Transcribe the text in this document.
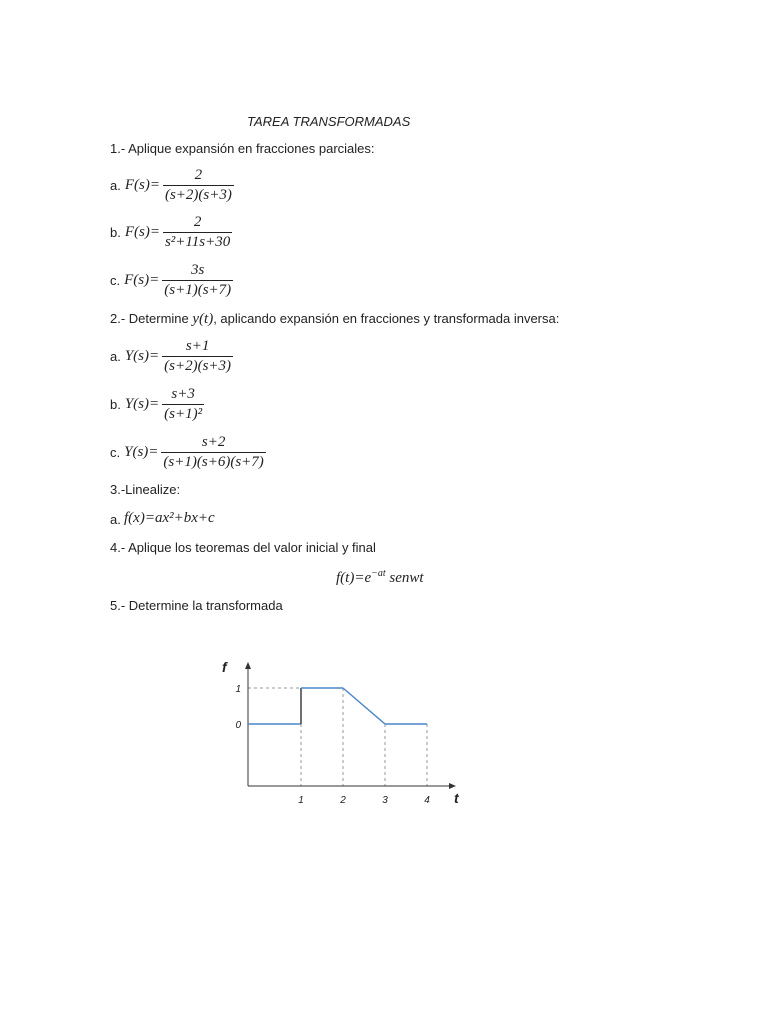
TAREA TRANSFORMADAS
1.- Aplique expansión en fracciones parciales:
a. $F(s)= \frac{2}{(s+2)(s+3)}$
b. $F(s)= \frac{2}{\text{s²+11s+30}}$
c. $F(s)= \frac{3s}{(s+1)(s+7)}$
2.- Determine y(t), aplicando expansión en fracciones y transformada inversa:
a. $Y(s)= \frac{s+1}{(s+2)(s+3)}$
b. $Y(s)= \frac{s+3}{\text{(s+1)²}}$
c. $Y(s)= \frac{s+2}{(s+1)(s+6)(s+7)}$
3.-Linealize:
a. f(x)=ax²+bx+c
4.- Aplique los teoremas del valor inicial y final
$f(t)=e^{-at}$ senwt
5.- Determine la transformada
1	2	3	4
0
1
t
f
